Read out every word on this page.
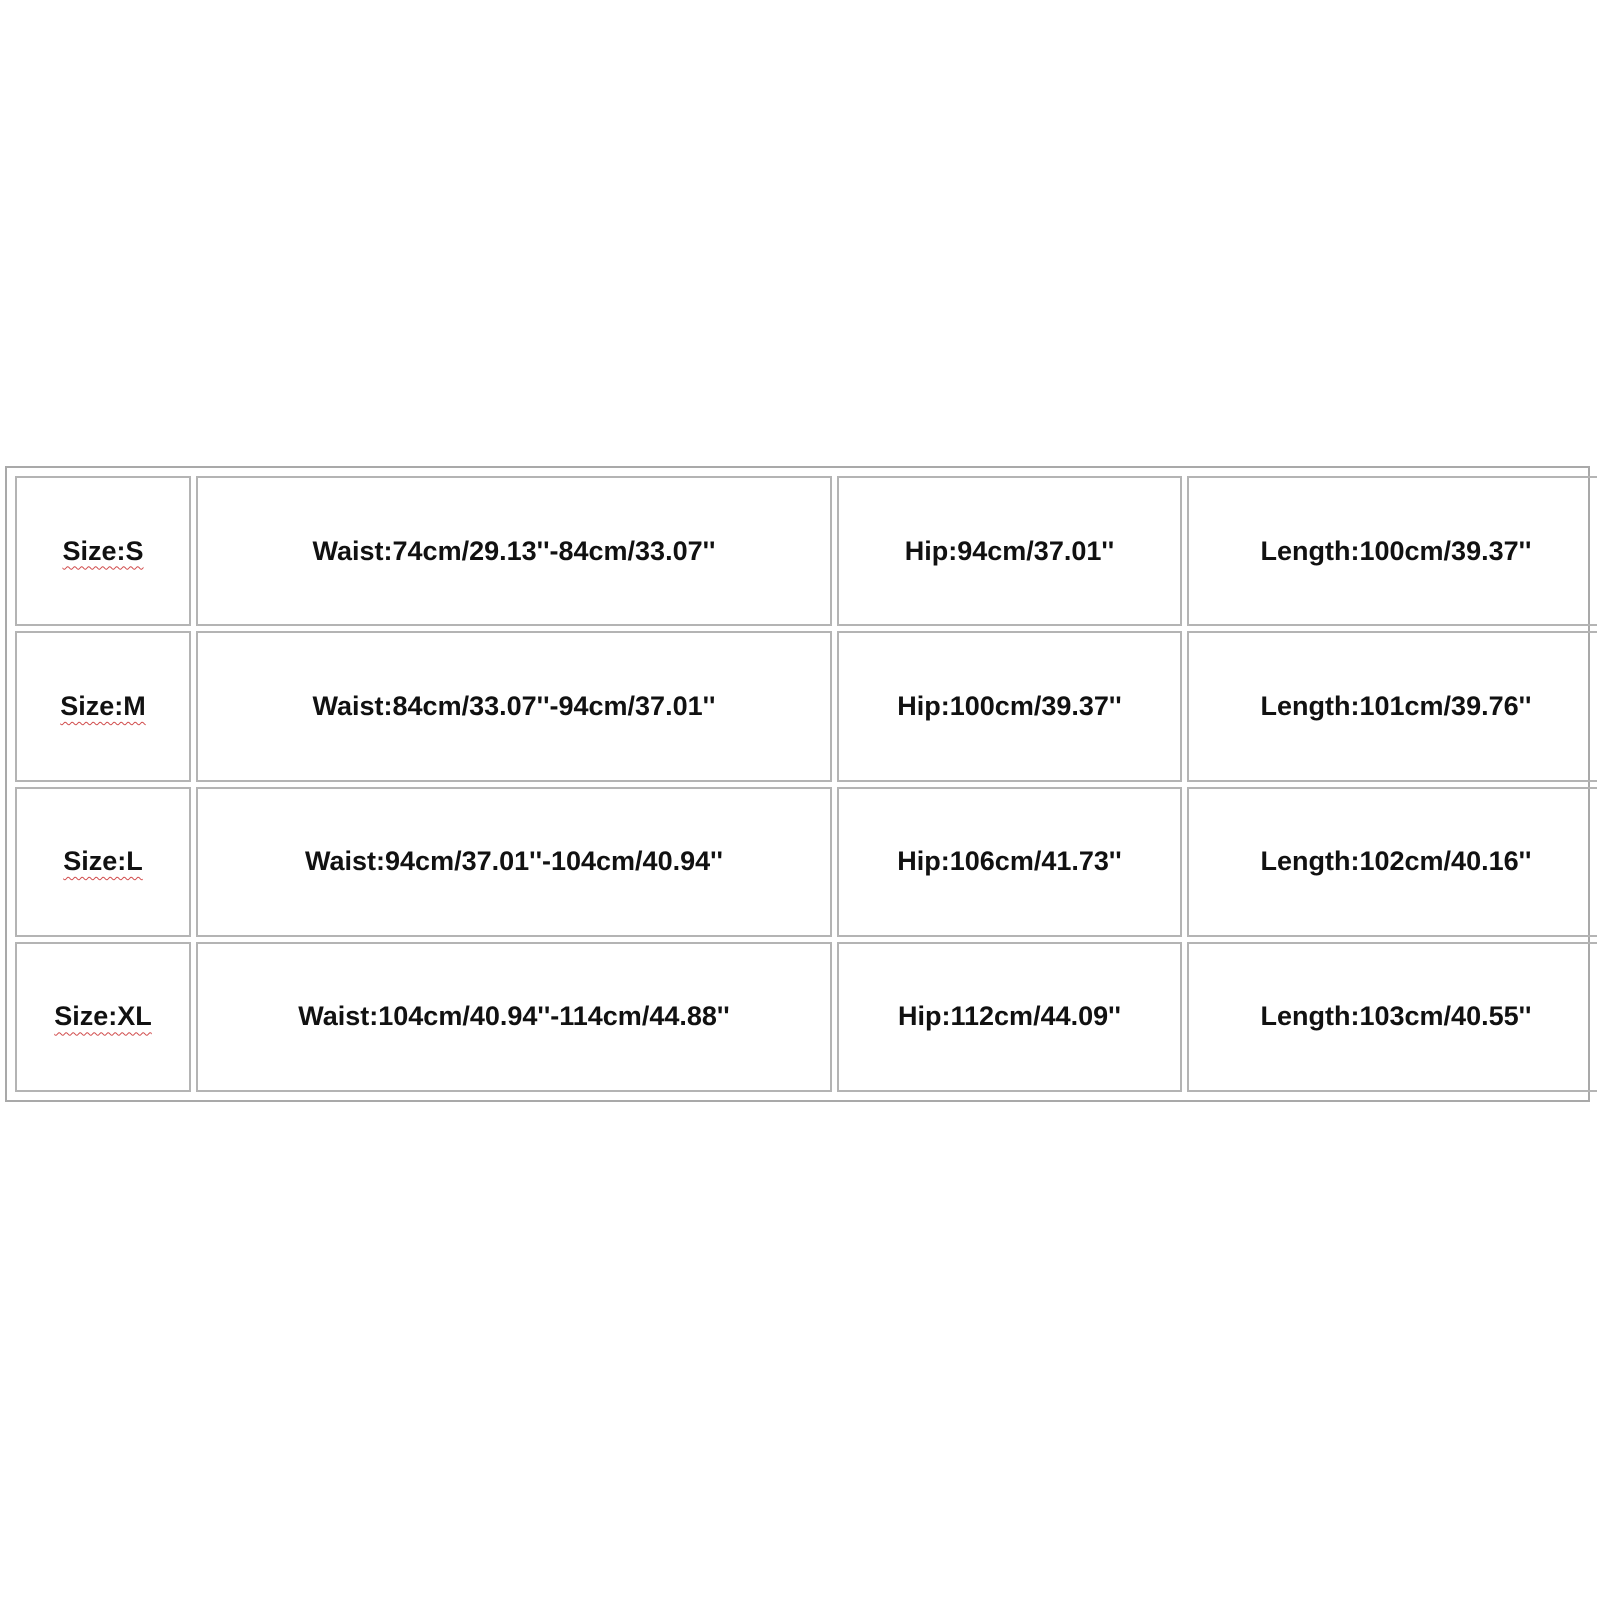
Size:S	Waist:74cm/29.13''-84cm/33.07''	Hip:94cm/37.01''	Length:100cm/39.37''
Size:M	Waist:84cm/33.07''-94cm/37.01''	Hip:100cm/39.37''	Length:101cm/39.76''
Size:L	Waist:94cm/37.01''-104cm/40.94''	Hip:106cm/41.73''	Length:102cm/40.16''
Size:XL	Waist:104cm/40.94''-114cm/44.88''	Hip:112cm/44.09''	Length:103cm/40.55''
